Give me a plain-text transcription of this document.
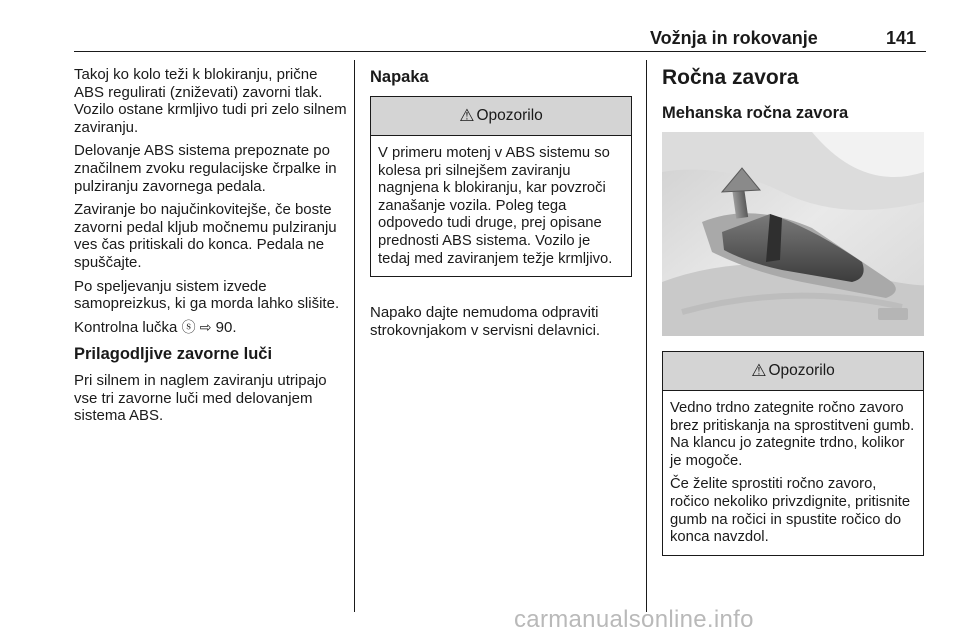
Vožnja in rokovanje	141

Takoj ko kolo teži k blokiranju, prične ABS regulirati (zniževati) zavorni tlak. Vozilo ostane krmljivo tudi pri zelo silnem zaviranju.

Delovanje ABS sistema prepoznate po značilnem zvoku regulacijske črpalke in pulziranju zavornega pedala.

Zaviranje bo najučinkovitejše, če boste zavorni pedal kljub močnemu pulziranju ves čas pritiskali do konca. Pedala ne spuščajte.

Po speljevanju sistem izvede samopreizkus, ki ga morda lahko slišite.

Kontrolna lučka ⓢ ⇨ 90.

Prilagodljive zavorne luči

Pri silnem in naglem zaviranju utripajo vse tri zavorne luči med delovanjem sistema ABS.

Napaka
⚠ Opozorilo

V primeru motenj v ABS sistemu so kolesa pri silnejšem zaviranju nagnjena k blokiranju, kar povzroči zanašanje vozila. Poleg tega odpovedo tudi druge, prej opisane prednosti ABS sistema. Vozilo je tedaj med zaviranjem težje krmljivo.

Napako dajte nemudoma odpraviti strokovnjakom v servisni delavnici.
Ročna zavora
Mehanska ročna zavora
⚠ Opozorilo

Vedno trdno zategnite ročno zavoro brez pritiskanja na sprostitveni gumb. Na klancu jo zategnite trdno, kolikor je mogoče.

Če želite sprostiti ročno zavoro, ročico nekoliko privzdignite, pritisnite gumb na ročici in spustite ročico do konca navzdol.

carmanualsonline.info
